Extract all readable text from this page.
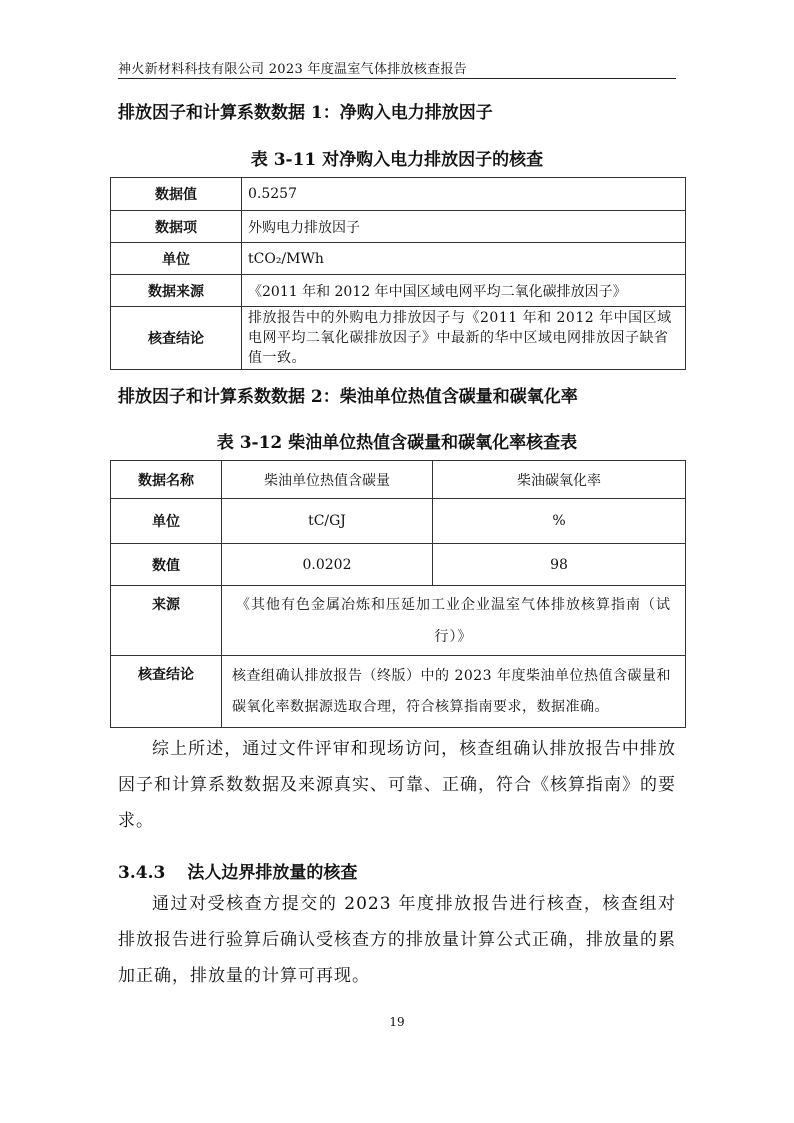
神火新材料科技有限公司 2023 年度温室气体排放核查报告
排放因子和计算系数数据 1：净购入电力排放因子
表 3-11 对净购入电力排放因子的核查
数据值	0.5257
数据项	外购电力排放因子
单位	tCO₂/MWh
数据来源	《2011 年和 2012 年中国区域电网平均二氧化碳排放因子》
核查结论	排放报告中的外购电力排放因子与《2011 年和 2012 年中国区域电网平均二氧化碳排放因子》中最新的华中区域电网排放因子缺省值一致。
排放因子和计算系数数据 2：柴油单位热值含碳量和碳氧化率
表 3-12 柴油单位热值含碳量和碳氧化率核查表
数据名称	柴油单位热值含碳量	柴油碳氧化率
单位	tC/GJ	%
数值	0.0202	98
来源	《其他有色金属冶炼和压延加工业企业温室气体排放核算指南（试行）》	
核查结论	核查组确认排放报告（终版）中的 2023 年度柴油单位热值含碳量和碳氧化率数据源选取合理，符合核算指南要求，数据准确。	
综上所述，通过文件评审和现场访问，核查组确认排放报告中排放因子和计算系数数据及来源真实、可靠、正确，符合《核算指南》的要求。
3.4.3 法人边界排放量的核查
通过对受核查方提交的 2023 年度排放报告进行核查，核查组对排放报告进行验算后确认受核查方的排放量计算公式正确，排放量的累加正确，排放量的计算可再现。
19
